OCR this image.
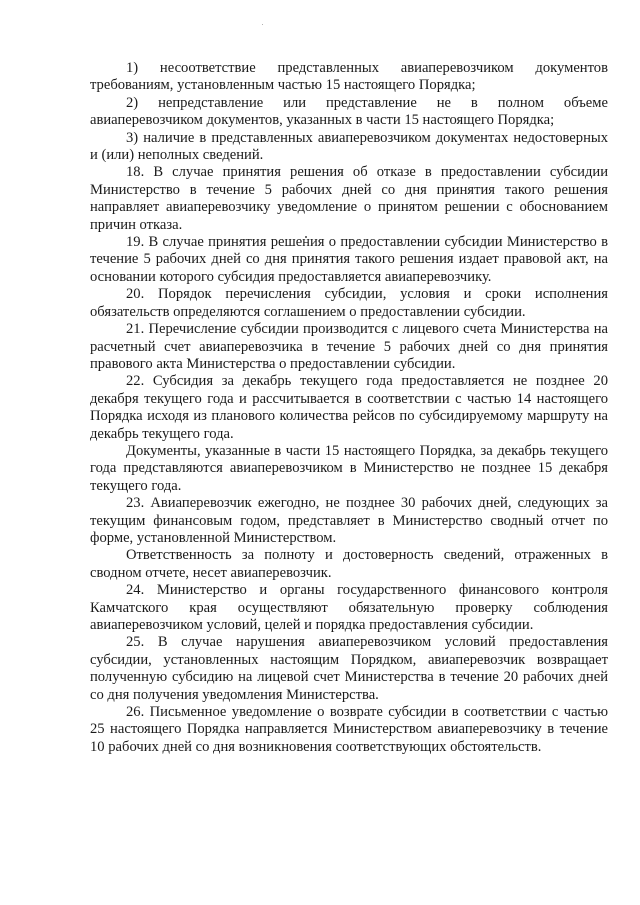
1) несоответствие представленных авиаперевозчиком документов требованиям, установленным частью 15 настоящего Порядка;

2) непредставление или представление не в полном объеме авиаперевозчиком документов, указанных в части 15 настоящего Порядка;

3) наличие в представленных авиаперевозчиком документах недостоверных и (или) неполных сведений.

18. В случае принятия решения об отказе в предоставлении субсидии Министерство в течение 5 рабочих дней со дня принятия такого решения направляет авиаперевозчику уведомление о принятом решении с обоснованием причин отказа.

19. В случае принятия решения о предоставлении субсидии Министерство в течение 5 рабочих дней со дня принятия такого решения издает правовой акт, на основании которого субсидия предоставляется авиаперевозчику.

20. Порядок перечисления субсидии, условия и сроки исполнения обязательств определяются соглашением о предоставлении субсидии.

21. Перечисление субсидии производится с лицевого счета Министерства на расчетный счет авиаперевозчика в течение 5 рабочих дней со дня принятия правового акта Министерства о предоставлении субсидии.

22. Субсидия за декабрь текущего года предоставляется не позднее 20 декабря текущего года и рассчитывается в соответствии с частью 14 настоящего Порядка исходя из планового количества рейсов по субсидируемому маршруту на декабрь текущего года.

Документы, указанные в части 15 настоящего Порядка, за декабрь текущего года представляются авиаперевозчиком в Министерство не позднее 15 декабря текущего года.

23. Авиаперевозчик ежегодно, не позднее 30 рабочих дней, следующих за текущим финансовым годом, представляет в Министерство сводный отчет по форме, установленной Министерством.

Ответственность за полноту и достоверность сведений, отраженных в сводном отчете, несет авиаперевозчик.

24. Министерство и органы государственного финансового контроля Камчатского края осуществляют обязательную проверку соблюдения авиаперевозчиком условий, целей и порядка предоставления субсидии.

25. В случае нарушения авиаперевозчиком условий предоставления субсидии, установленных настоящим Порядком, авиаперевозчик возвращает полученную субсидию на лицевой счет Министерства в течение 20 рабочих дней со дня получения уведомления Министерства.

26. Письменное уведомление о возврате субсидии в соответствии с частью 25 настоящего Порядка направляется Министерством авиаперевозчику в течение 10 рабочих дней со дня возникновения соответствующих обстоятельств.
